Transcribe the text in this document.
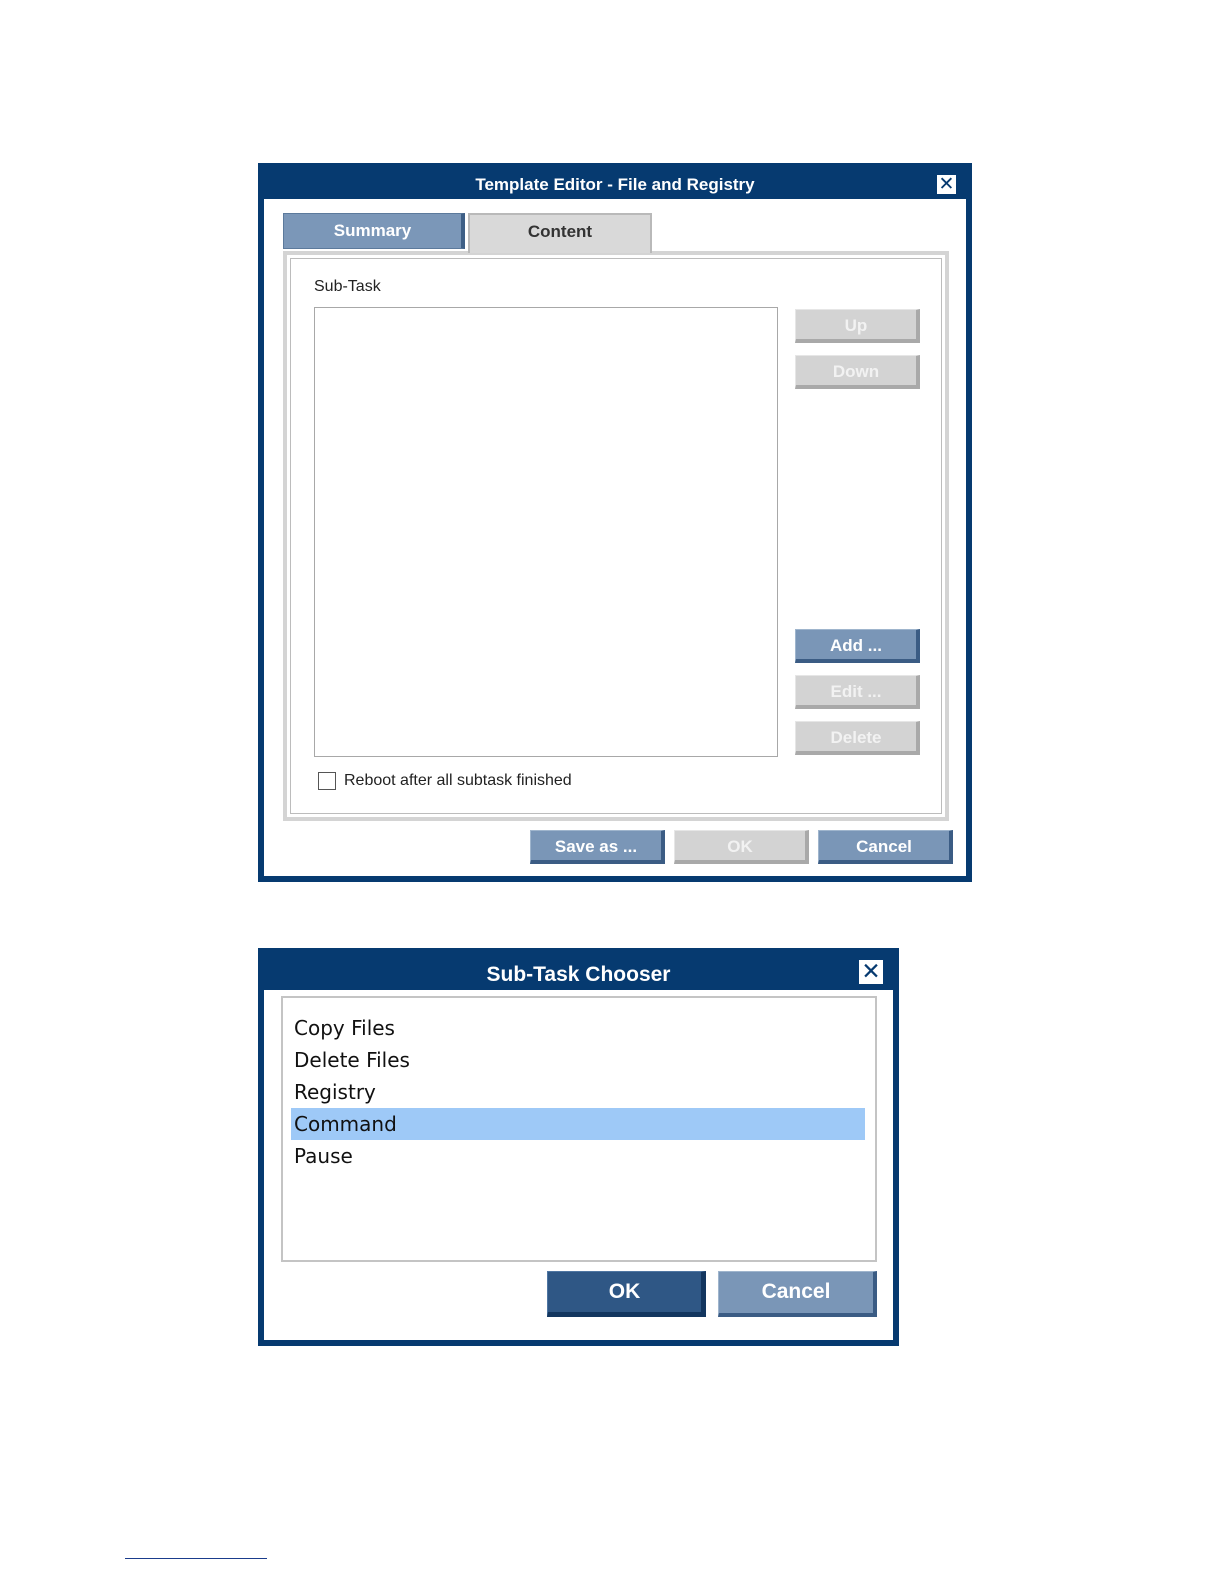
Template Editor - File and Registry	✕
Summary	Content
Sub-Task
Up
Down
Add ...
Edit ...
Delete
Reboot after all subtask finished
Save as ...	OK	Cancel
Sub-Task Chooser	✕
Copy Files
Delete Files
Registry
Command
Pause
OK	Cancel
